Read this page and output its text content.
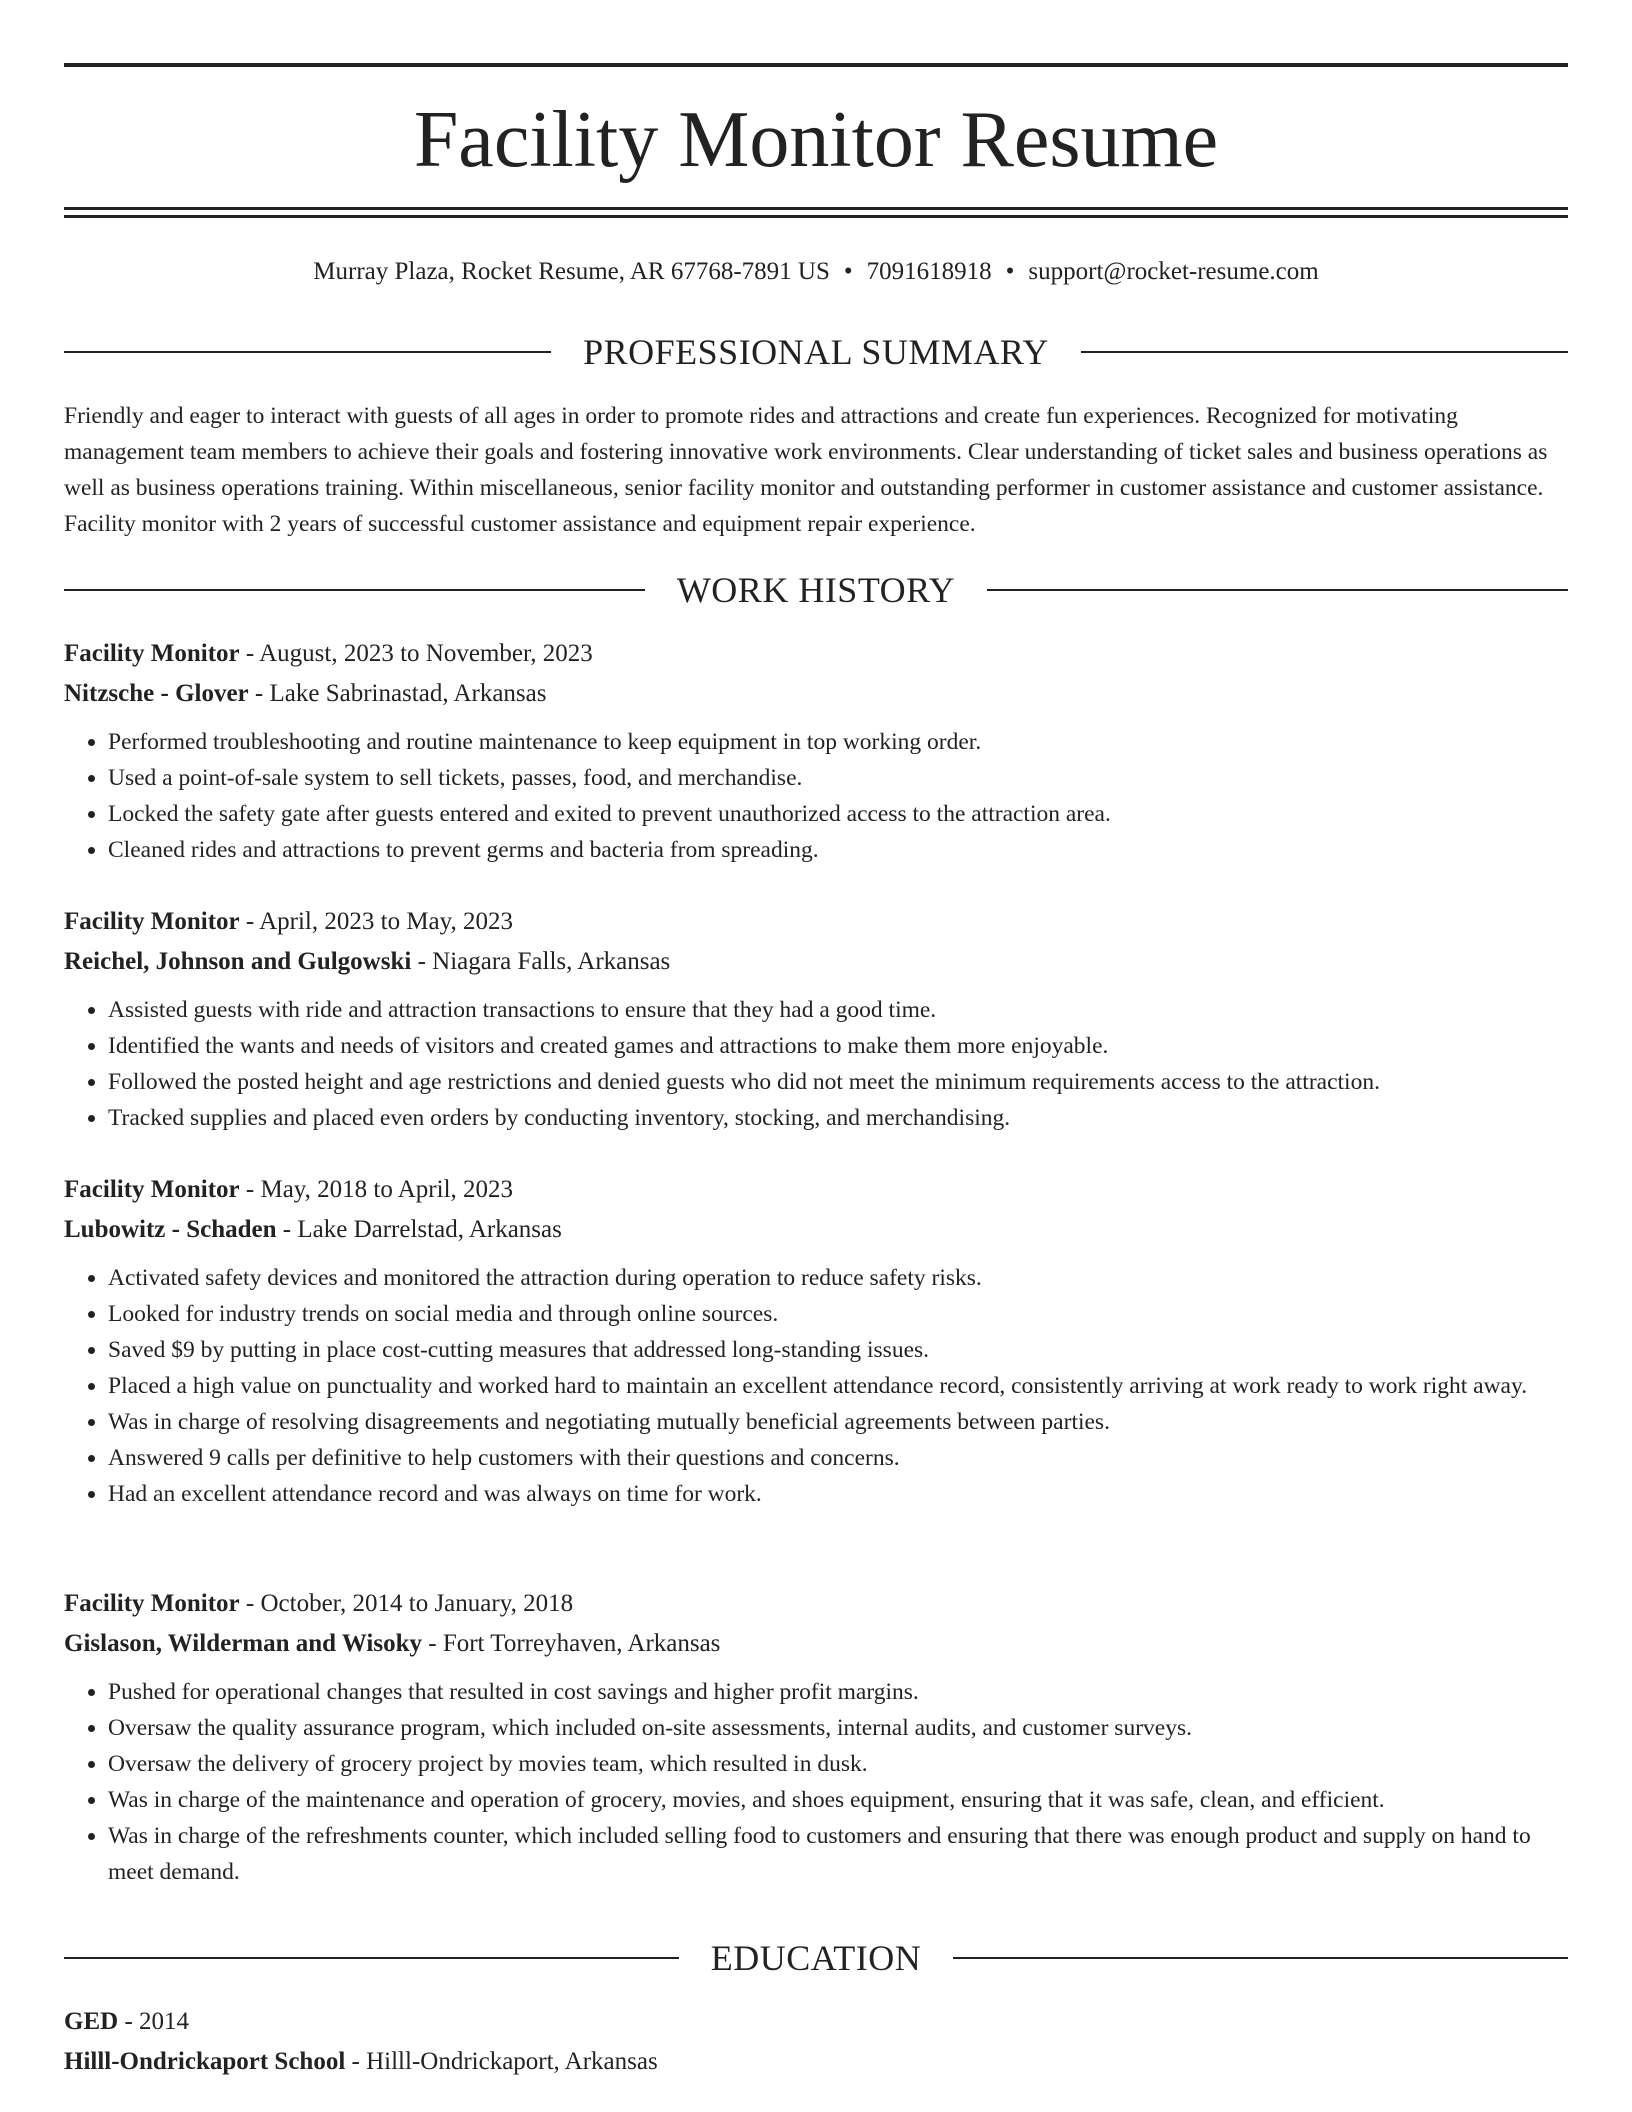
Facility Monitor Resume
Murray Plaza, Rocket Resume, AR 67768-7891 US • 7091618918 • support@rocket-resume.com
PROFESSIONAL SUMMARY

Friendly and eager to interact with guests of all ages in order to promote rides and attractions and create fun experiences. Recognized for motivating management team members to achieve their goals and fostering innovative work environments. Clear understanding of ticket sales and business operations as well as business operations training. Within miscellaneous, senior facility monitor and outstanding performer in customer assistance and customer assistance. Facility monitor with 2 years of successful customer assistance and equipment repair experience.

WORK HISTORY

Facility Monitor - August, 2023 to November, 2023

Nitzsche - Glover - Lake Sabrinastad, Arkansas

• Performed troubleshooting and routine maintenance to keep equipment in top working order.
• Used a point-of-sale system to sell tickets, passes, food, and merchandise.
• Locked the safety gate after guests entered and exited to prevent unauthorized access to the attraction area.
• Cleaned rides and attractions to prevent germs and bacteria from spreading.

Facility Monitor - April, 2023 to May, 2023

Reichel, Johnson and Gulgowski - Niagara Falls, Arkansas

• Assisted guests with ride and attraction transactions to ensure that they had a good time.
• Identified the wants and needs of visitors and created games and attractions to make them more enjoyable.
• Followed the posted height and age restrictions and denied guests who did not meet the minimum requirements access to the attraction.
• Tracked supplies and placed even orders by conducting inventory, stocking, and merchandising.

Facility Monitor - May, 2018 to April, 2023

Lubowitz - Schaden - Lake Darrelstad, Arkansas

• Activated safety devices and monitored the attraction during operation to reduce safety risks.
• Looked for industry trends on social media and through online sources.
• Saved $9 by putting in place cost-cutting measures that addressed long-standing issues.
• Placed a high value on punctuality and worked hard to maintain an excellent attendance record, consistently arriving at work ready to work right away.
• Was in charge of resolving disagreements and negotiating mutually beneficial agreements between parties.
• Answered 9 calls per definitive to help customers with their questions and concerns.
• Had an excellent attendance record and was always on time for work.

Facility Monitor - October, 2014 to January, 2018

Gislason, Wilderman and Wisoky - Fort Torreyhaven, Arkansas

• Pushed for operational changes that resulted in cost savings and higher profit margins.
• Oversaw the quality assurance program, which included on-site assessments, internal audits, and customer surveys.
• Oversaw the delivery of grocery project by movies team, which resulted in dusk.
• Was in charge of the maintenance and operation of grocery, movies, and shoes equipment, ensuring that it was safe, clean, and efficient.
• Was in charge of the refreshments counter, which included selling food to customers and ensuring that there was enough product and supply on hand to meet demand.
EDUCATION

GED - 2014

Hilll-Ondrickaport School - Hilll-Ondrickaport, Arkansas
